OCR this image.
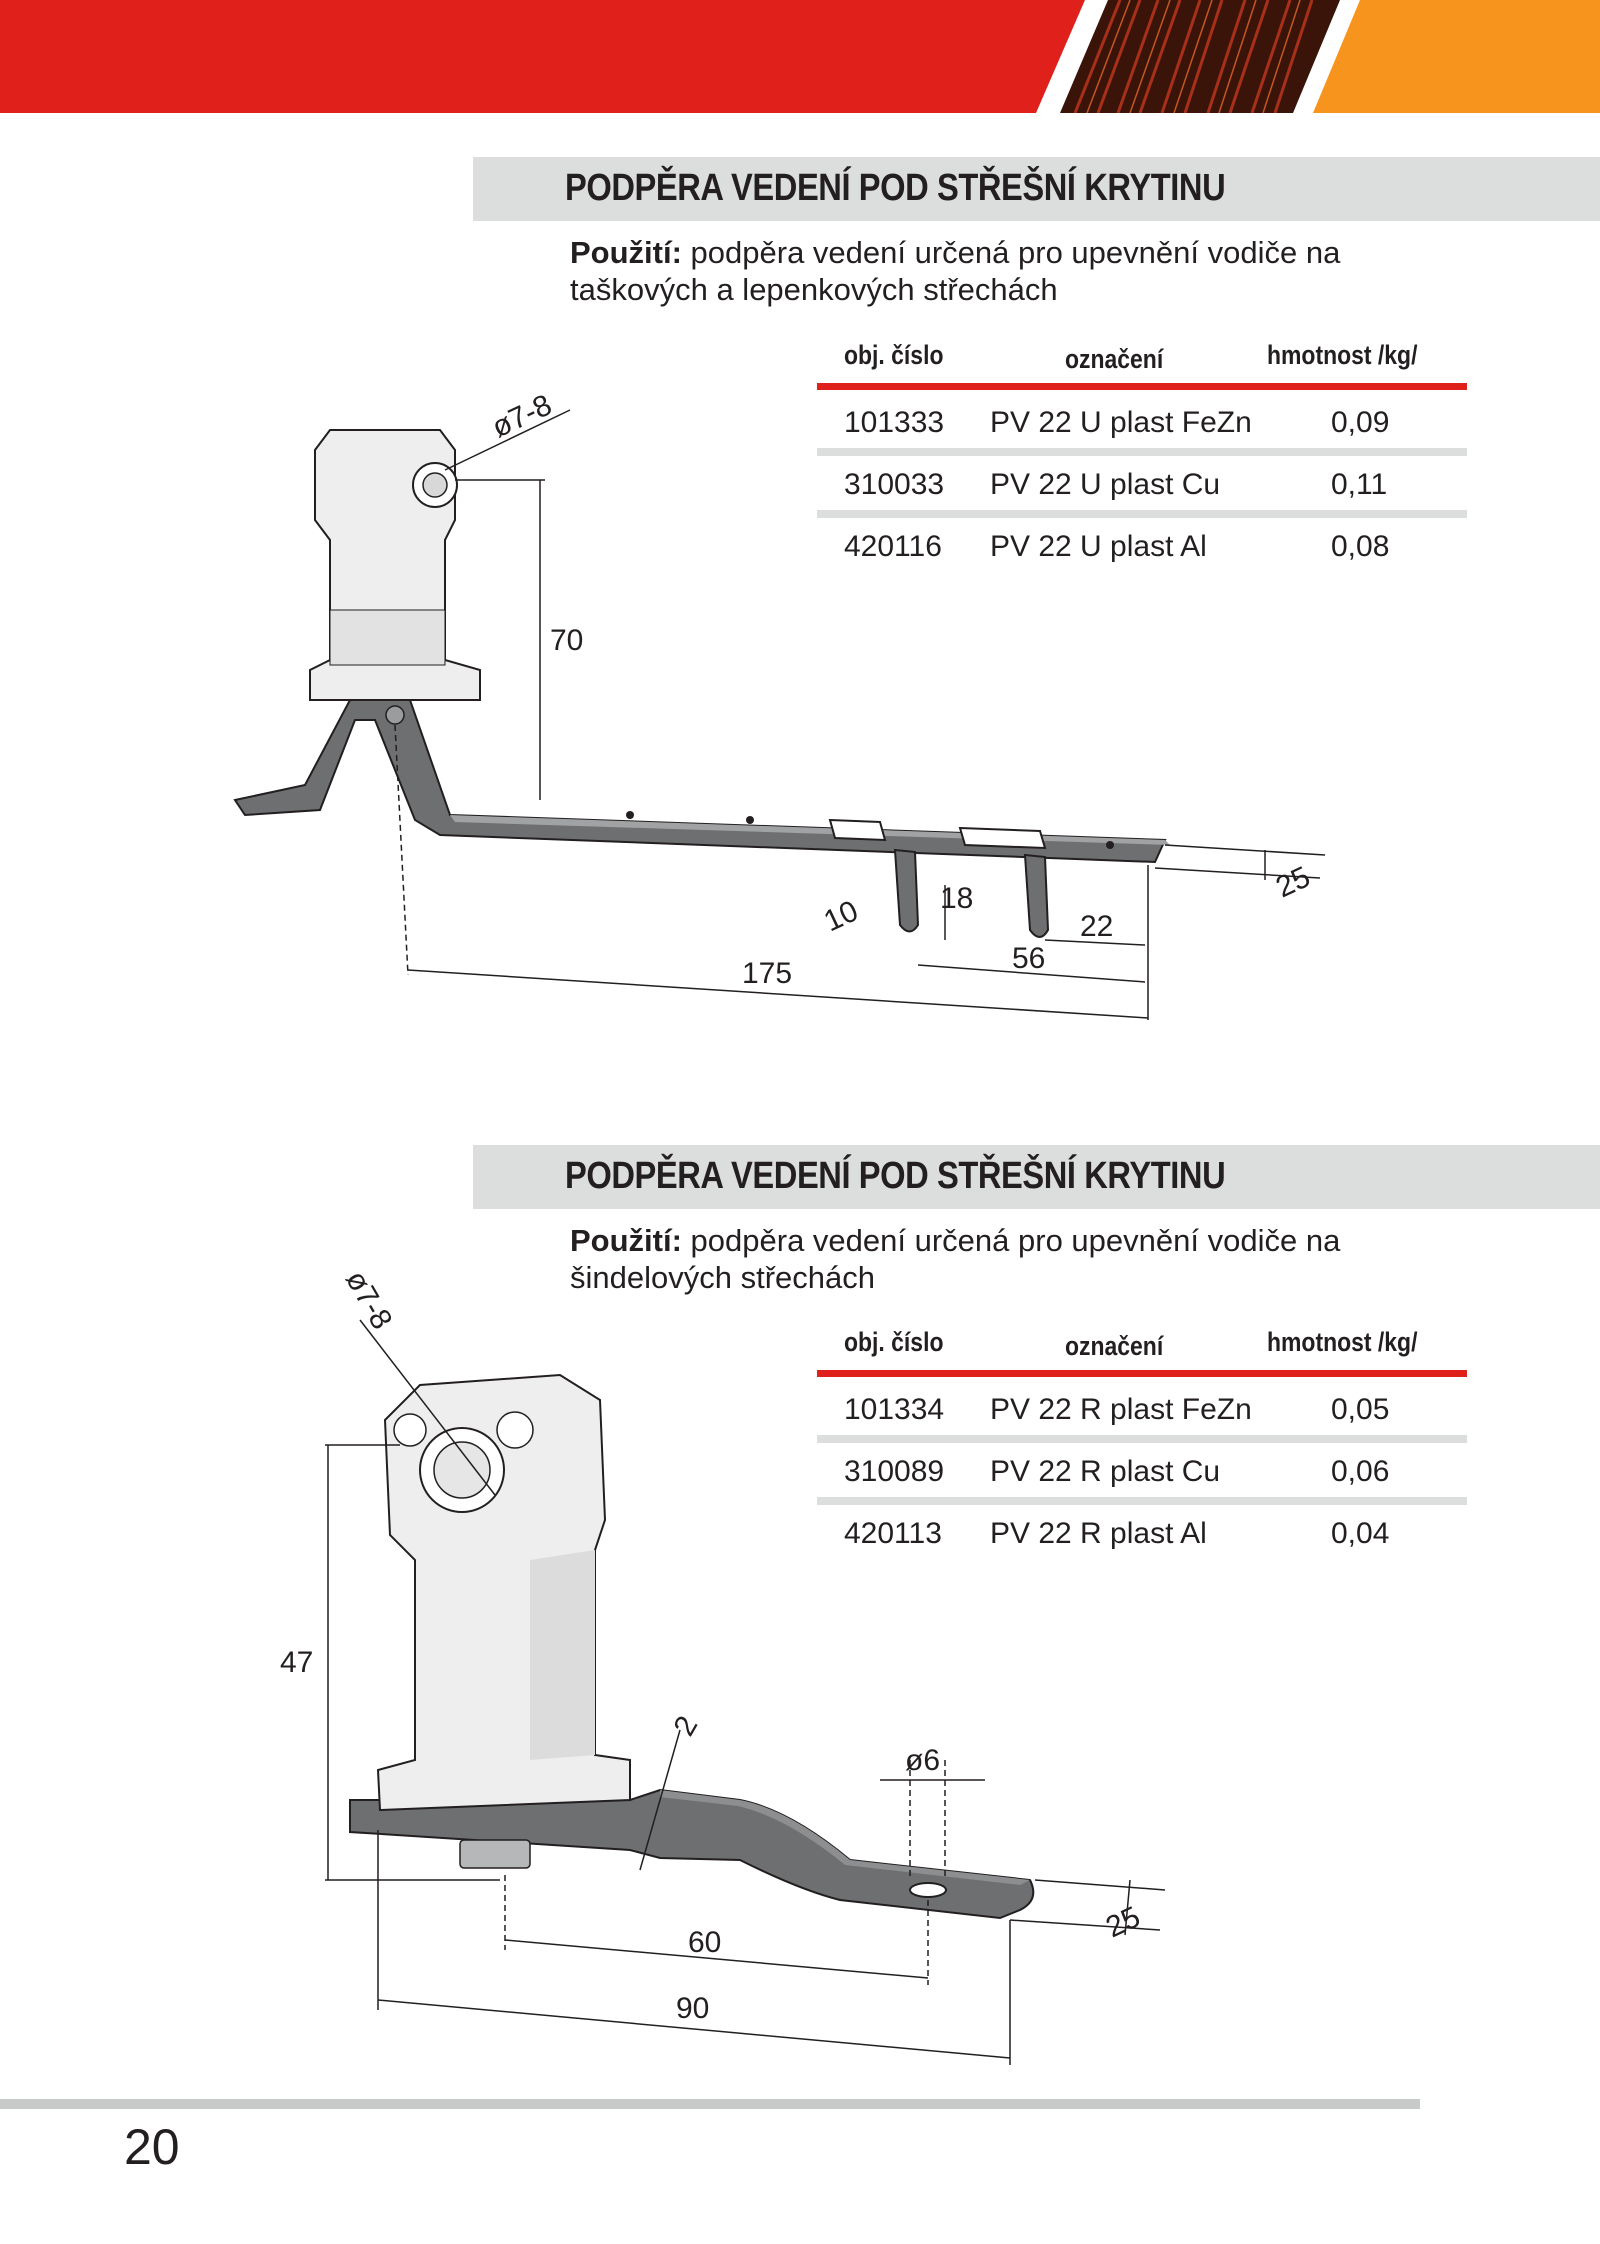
PODPĚRA VEDENÍ POD STŘEŠNÍ KRYTINU
Použití: podpěra vedení určená pro upevnění vodiče na
taškových a lepenkových střechách
obj. číslo	označení	hmotnost /kg/
101333 PV 22 U plast FeZn	0,09
310033 PV 22 U plast Cu	0,11
420116 PV 22 U plast Al	0,08
ø7-8
70
25
10	18
22
56
175
PODPĚRA VEDENÍ POD STŘEŠNÍ KRYTINU
Použití: podpěra vedení určená pro upevnění vodiče na
šindelových střechách
obj. číslo	označení	hmotnost /kg/
101334 PV 22 R plast FeZn	0,05
310089 PV 22 R plast Cu	0,06
420113 PV 22 R plast Al	0,04
ø7-8
47
2
ø6
25
60
90
20
